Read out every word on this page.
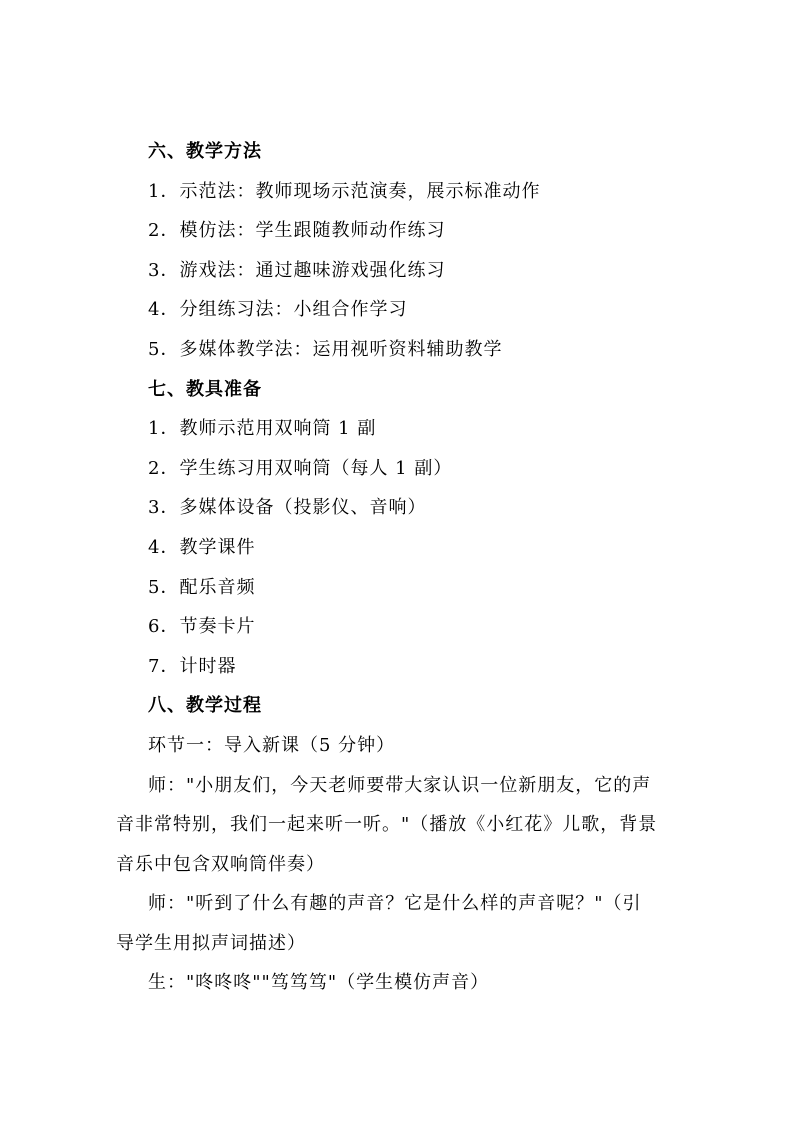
六、教学方法
1．示范法：教师现场示范演奏，展示标准动作
2．模仿法：学生跟随教师动作练习
3．游戏法：通过趣味游戏强化练习
4．分组练习法：小组合作学习
5．多媒体教学法：运用视听资料辅助教学
七、教具准备
1．教师示范用双响筒 1 副
2．学生练习用双响筒（每人 1 副）
3．多媒体设备（投影仪、音响）
4．教学课件
5．配乐音频
6．节奏卡片
7．计时器
八、教学过程
环节一：导入新课（5 分钟）
师："小朋友们，今天老师要带大家认识一位新朋友，它的声
音非常特别，我们一起来听一听。"（播放《小红花》儿歌，背景
音乐中包含双响筒伴奏）
师："听到了什么有趣的声音？它是什么样的声音呢？"（引
导学生用拟声词描述）
生："咚咚咚""笃笃笃"（学生模仿声音）
